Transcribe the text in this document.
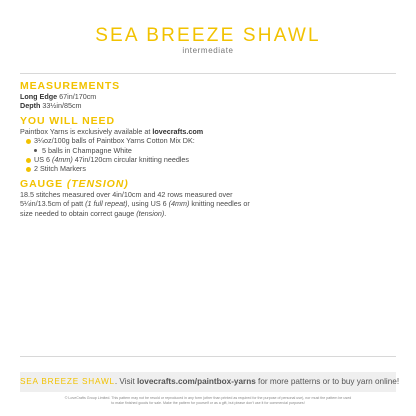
SEA BREEZE SHAWL
intermediate
MEASUREMENTS
Long Edge 67in/170cm
Depth 33½in/85cm
YOU WILL NEED
Paintbox Yarns is exclusively available at lovecrafts.com
3¼oz/100g balls of Paintbox Yarns Cotton Mix DK:
5 balls in Champagne White
US 6 (4mm) 47in/120cm circular knitting needles
2 Stitch Markers
GAUGE (TENSION)
18.5 stitches measured over 4in/10cm and 42 rows measured over 5¼in/13.5cm of patt (1 full repeat), using US 6 (4mm) knitting needles or size needed to obtain correct gauge (tension).
SEA BREEZE SHAWL. Visit lovecrafts.com/paintbox-yarns for more patterns or to buy yarn online!
© LoveCrafts Group Limited. This pattern may not be resold or reproduced in any form (other than printed as required for the purpose of personal use), nor must the pattern be used
to make finished goods for sale. Make the pattern for yourself or as a gift, but please don't use it for commercial purposes!
